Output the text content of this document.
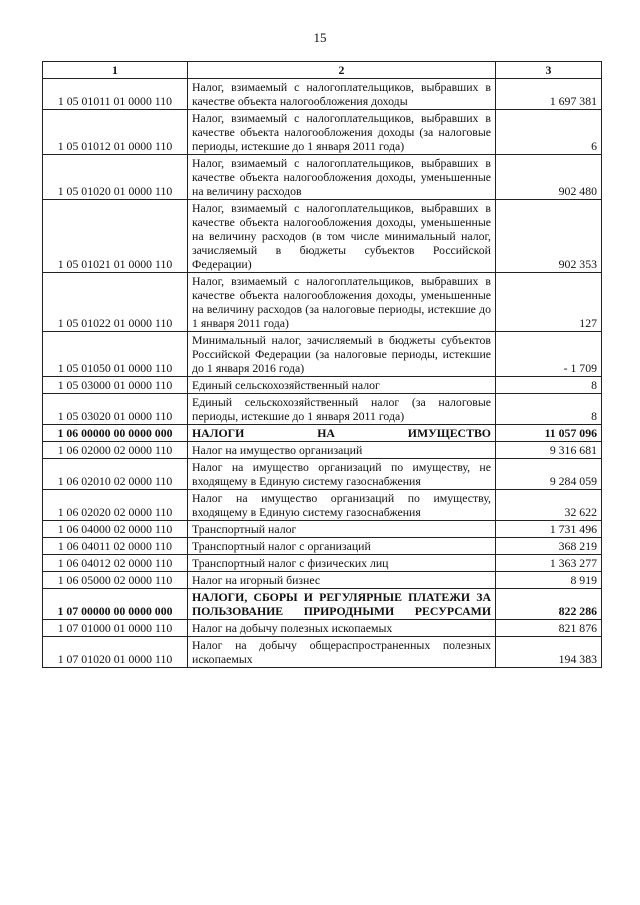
15
1	2	3
1 05 01011 01 0000 110	Налог, взимаемый с налогоплательщиков, выбравших в качестве объекта налогообложения доходы	1 697 381
1 05 01012 01 0000 110	Налог, взимаемый с налогоплательщиков, выбравших в качестве объекта налогообложения доходы (за налоговые периоды, истекшие до 1 января 2011 года)	6
1 05 01020 01 0000 110	Налог, взимаемый с налогоплательщиков, выбравших в качестве объекта налогообложения доходы, уменьшенные на величину расходов	902 480
1 05 01021 01 0000 110	Налог, взимаемый с налогоплательщиков, выбравших в качестве объекта налогообложения доходы, уменьшенные на величину расходов (в том числе минимальный налог, зачисляемый в бюджеты субъектов Российской Федерации)	902 353
1 05 01022 01 0000 110	Налог, взимаемый с налогоплательщиков, выбравших в качестве объекта налогообложения доходы, уменьшенные на величину расходов (за налоговые периоды, истекшие до 1 января 2011 года)	127
1 05 01050 01 0000 110	Минимальный налог, зачисляемый в бюджеты субъектов Российской Федерации (за налоговые периоды, истекшие до 1 января 2016 года)	- 1 709
1 05 03000 01 0000 110	Единый сельскохозяйственный налог	8
1 05 03020 01 0000 110	Единый сельскохозяйственный налог (за налоговые периоды, истекшие до 1 января 2011 года)	8
1 06 00000 00 0000 000	НАЛОГИ НА ИМУЩЕСТВО	11 057 096
1 06 02000 02 0000 110	Налог на имущество организаций	9 316 681
1 06 02010 02 0000 110	Налог на имущество организаций по имуществу, не входящему в Единую систему газоснабжения	9 284 059
1 06 02020 02 0000 110	Налог на имущество организаций по имуществу, входящему в Единую систему газоснабжения	32 622
1 06 04000 02 0000 110	Транспортный налог	1 731 496
1 06 04011 02 0000 110	Транспортный налог с организаций	368 219
1 06 04012 02 0000 110	Транспортный налог с физических лиц	1 363 277
1 06 05000 02 0000 110	Налог на игорный бизнес	8 919
1 07 00000 00 0000 000	НАЛОГИ, СБОРЫ И РЕГУЛЯРНЫЕ ПЛАТЕЖИ ЗА ПОЛЬЗОВАНИЕ ПРИРОДНЫМИ РЕСУРСАМИ	822 286
1 07 01000 01 0000 110	Налог на добычу полезных ископаемых	821 876
1 07 01020 01 0000 110	Налог на добычу общераспространенных полезных ископаемых	194 383
